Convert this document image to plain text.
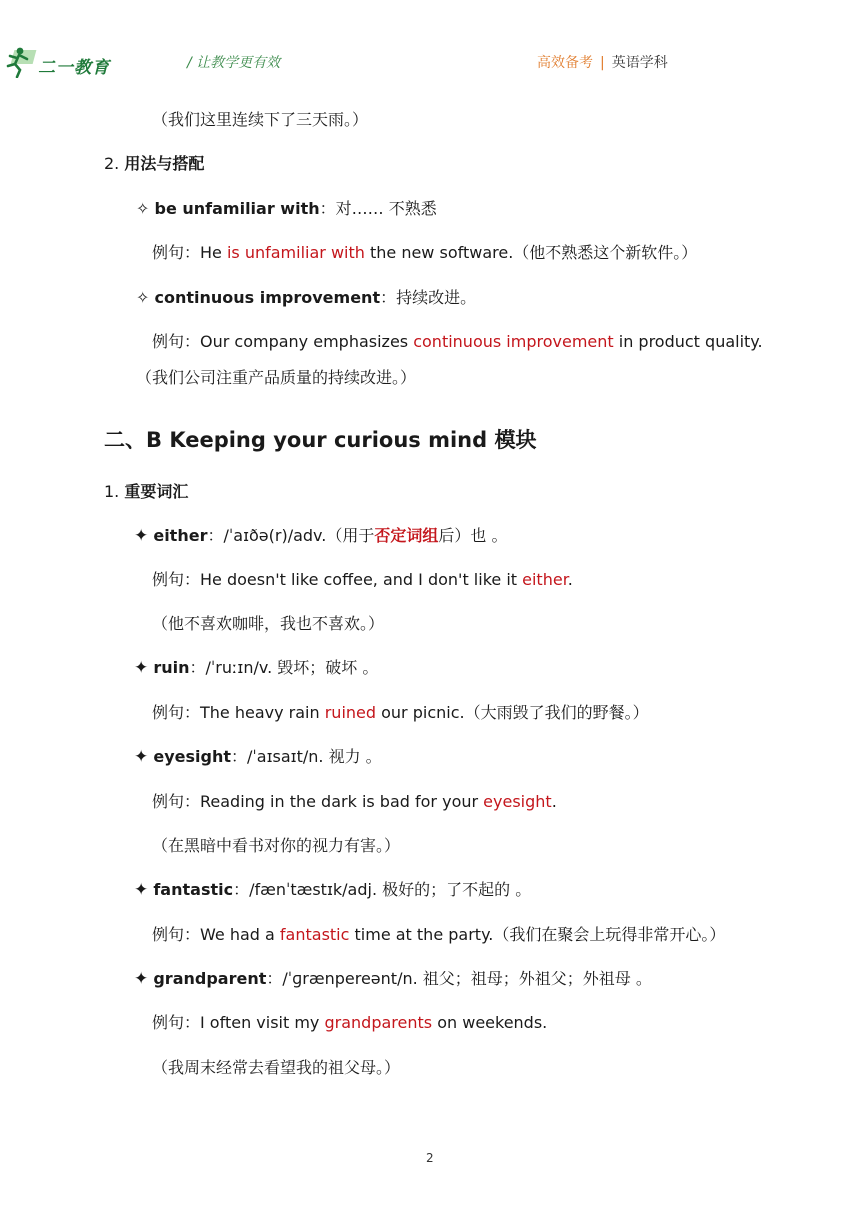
二一教育	/ 让教学更有效	高效备考 | 英语学科
（我们这里连续下了三天雨。）
2. 用法与搭配
✧ be unfamiliar with：对…… 不熟悉
例句：He is unfamiliar with the new software.（他不熟悉这个新软件。）
✧ continuous improvement：持续改进。
例句：Our company emphasizes continuous improvement in product quality.
（我们公司注重产品质量的持续改进。）
二、B Keeping your curious mind 模块
1. 重要词汇
✦ either：/ˈaɪðə(r)/adv.（用于否定词组后）也 。
例句：He doesn't like coffee, and I don't like it either.
（他不喜欢咖啡，我也不喜欢。）
✦ ruin：/ˈruːɪn/v. 毁坏；破坏 。
例句：The heavy rain ruined our picnic.（大雨毁了我们的野餐。）
✦ eyesight：/ˈaɪsaɪt/n. 视力 。
例句：Reading in the dark is bad for your eyesight.
（在黑暗中看书对你的视力有害。）
✦ fantastic：/fænˈtæstɪk/adj. 极好的；了不起的 。
例句：We had a fantastic time at the party.（我们在聚会上玩得非常开心。）
✦ grandparent：/ˈɡrænpereənt/n. 祖父；祖母；外祖父；外祖母 。
例句：I often visit my grandparents on weekends.
（我周末经常去看望我的祖父母。）
2
